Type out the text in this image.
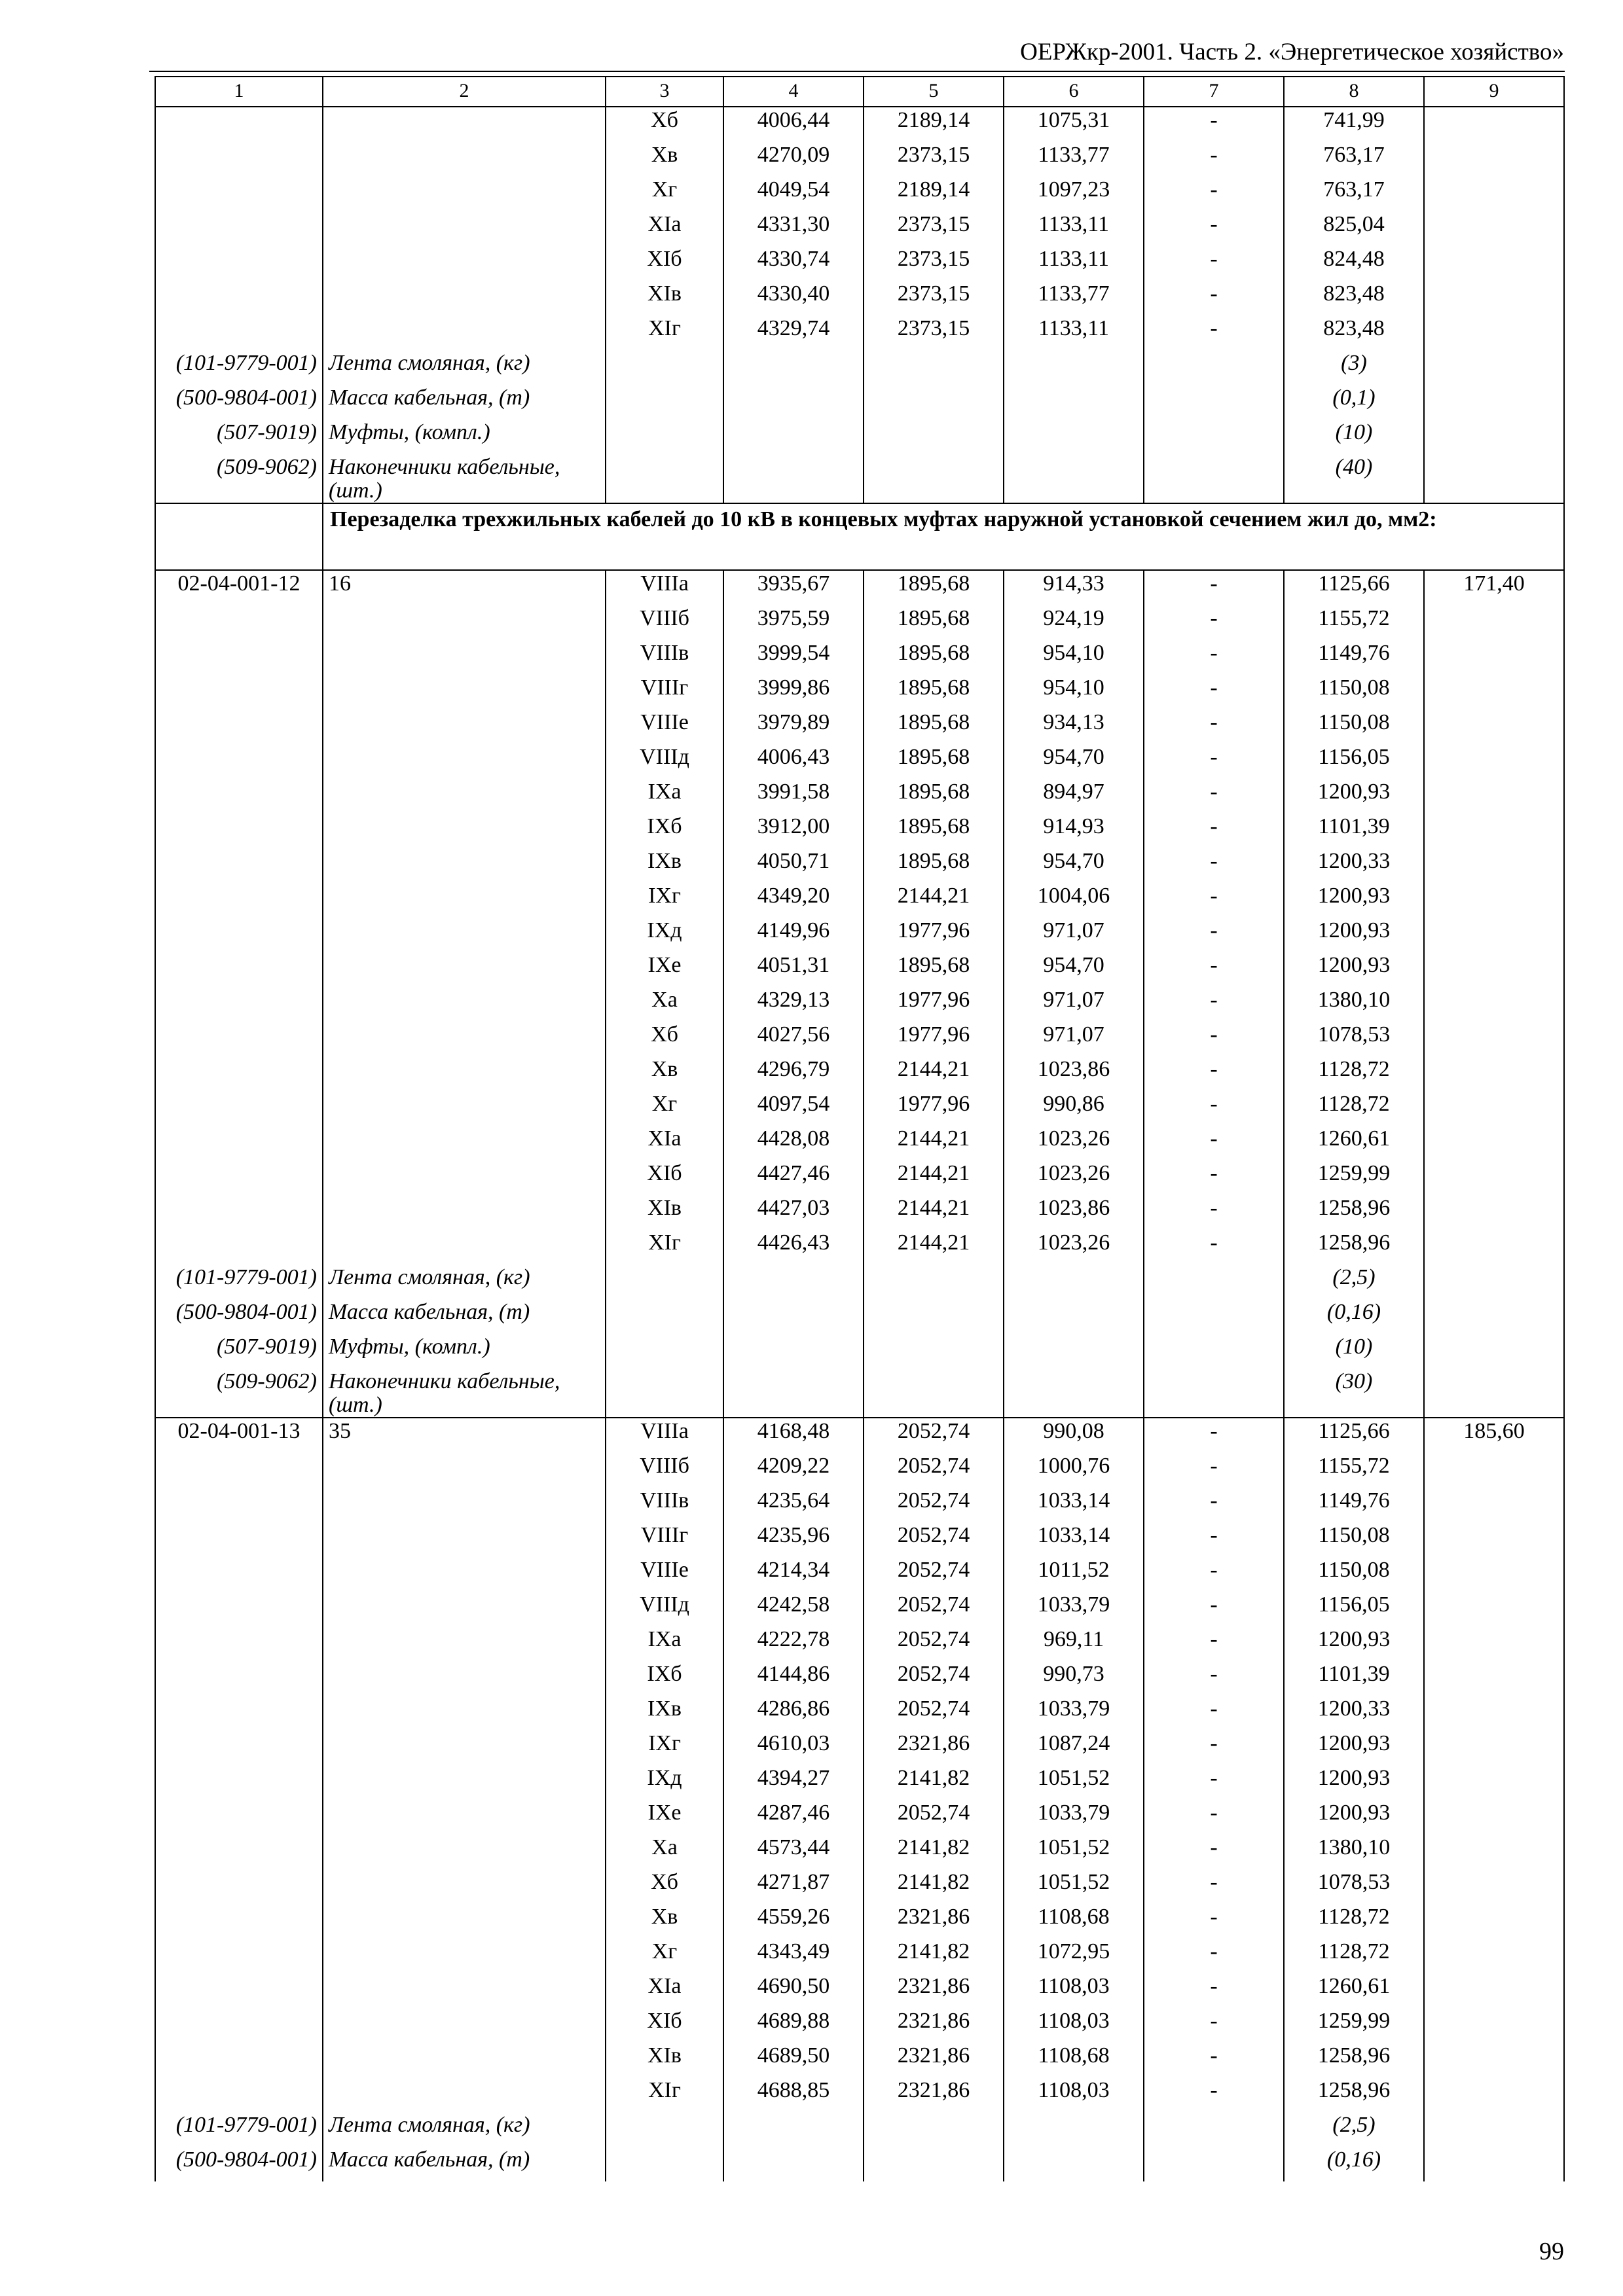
ОЕРЖкр-2001. Часть 2. «Энергетическое хозяйство»
1	2	3	4	5	6	7	8	9
		Хб	4006,44	2189,14	1075,31	-	741,99	
		Хв	4270,09	2373,15	1133,77	-	763,17	
		Хг	4049,54	2189,14	1097,23	-	763,17	
		XIa	4331,30	2373,15	1133,11	-	825,04	
		XIб	4330,74	2373,15	1133,11	-	824,48	
		XIв	4330,40	2373,15	1133,77	-	823,48	
		XIг	4329,74	2373,15	1133,11	-	823,48	
(101-9779-001)	Лента смоляная, (кг)						(3)	
(500-9804-001)	Масса кабельная, (т)						(0,1)	
(507-9019)	Муфты, (компл.)						(10)	
(509-9062)	Наконечники кабельные, (шт.)						(40)	
	Перезаделка трехжильных кабелей до 10 кВ в концевых муфтах наружной установкой сечением жил до, мм2:							
02-04-001-12	16	VIIIa	3935,67	1895,68	914,33	-	1125,66	171,40
		VIIIб	3975,59	1895,68	924,19	-	1155,72	
		VIIIв	3999,54	1895,68	954,10	-	1149,76	
		VIIIг	3999,86	1895,68	954,10	-	1150,08	
		VIIIе	3979,89	1895,68	934,13	-	1150,08	
		VIIIд	4006,43	1895,68	954,70	-	1156,05	
		IXa	3991,58	1895,68	894,97	-	1200,93	
		IXб	3912,00	1895,68	914,93	-	1101,39	
		IXв	4050,71	1895,68	954,70	-	1200,33	
		IXг	4349,20	2144,21	1004,06	-	1200,93	
		IXд	4149,96	1977,96	971,07	-	1200,93	
		IXе	4051,31	1895,68	954,70	-	1200,93	
		Xa	4329,13	1977,96	971,07	-	1380,10	
		Хб	4027,56	1977,96	971,07	-	1078,53	
		Хв	4296,79	2144,21	1023,86	-	1128,72	
		Хг	4097,54	1977,96	990,86	-	1128,72	
		XIa	4428,08	2144,21	1023,26	-	1260,61	
		XIб	4427,46	2144,21	1023,26	-	1259,99	
		XIв	4427,03	2144,21	1023,86	-	1258,96	
		XIг	4426,43	2144,21	1023,26	-	1258,96	
(101-9779-001)	Лента смоляная, (кг)						(2,5)	
(500-9804-001)	Масса кабельная, (т)						(0,16)	
(507-9019)	Муфты, (компл.)						(10)	
(509-9062)	Наконечники кабельные, (шт.)						(30)	
02-04-001-13	35	VIIIa	4168,48	2052,74	990,08	-	1125,66	185,60
		VIIIб	4209,22	2052,74	1000,76	-	1155,72	
		VIIIв	4235,64	2052,74	1033,14	-	1149,76	
		VIIIг	4235,96	2052,74	1033,14	-	1150,08	
		VIIIе	4214,34	2052,74	1011,52	-	1150,08	
		VIIIд	4242,58	2052,74	1033,79	-	1156,05	
		IXa	4222,78	2052,74	969,11	-	1200,93	
		IXб	4144,86	2052,74	990,73	-	1101,39	
		IXв	4286,86	2052,74	1033,79	-	1200,33	
		IXг	4610,03	2321,86	1087,24	-	1200,93	
		IXд	4394,27	2141,82	1051,52	-	1200,93	
		IXе	4287,46	2052,74	1033,79	-	1200,93	
		Xa	4573,44	2141,82	1051,52	-	1380,10	
		Хб	4271,87	2141,82	1051,52	-	1078,53	
		Хв	4559,26	2321,86	1108,68	-	1128,72	
		Хг	4343,49	2141,82	1072,95	-	1128,72	
		XIa	4690,50	2321,86	1108,03	-	1260,61	
		XIб	4689,88	2321,86	1108,03	-	1259,99	
		XIв	4689,50	2321,86	1108,68	-	1258,96	
		XIг	4688,85	2321,86	1108,03	-	1258,96	
(101-9779-001)	Лента смоляная, (кг)						(2,5)	
(500-9804-001)	Масса кабельная, (т)						(0,16)	
99
